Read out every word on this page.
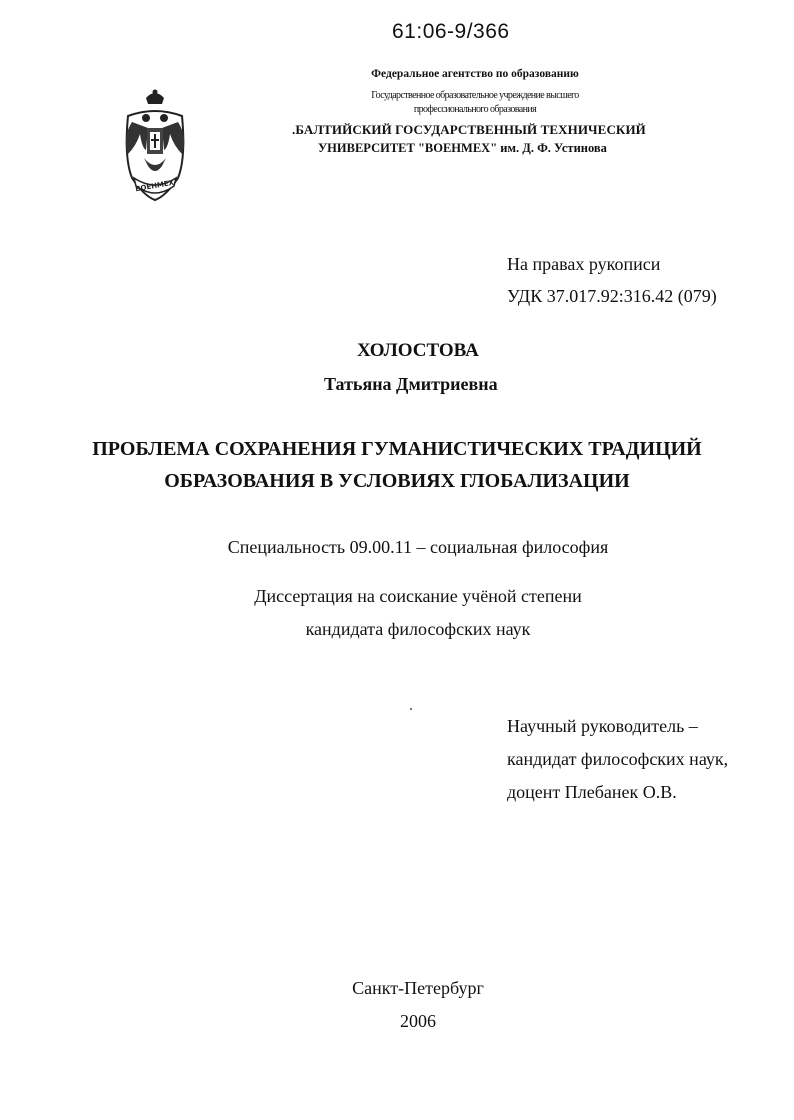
61:06-9/366
Федеральное агентство по образованию
Государственное образовательное учреждение высшего
профессионального образования
.БАЛТИЙСКИЙ ГОСУДАРСТВЕННЫЙ ТЕХНИЧЕСКИЙ
УНИВЕРСИТЕТ "ВОЕНМЕХ" им. Д. Ф. Устинова
ВОЕНМЕХ
На правах рукописи
УДК 37.017.92:316.42 (079)
ХОЛОСТОВА
Татьяна Дмитриевна
ПРОБЛЕМА СОХРАНЕНИЯ ГУМАНИСТИЧЕСКИХ ТРАДИЦИЙ
ОБРАЗОВАНИЯ В УСЛОВИЯХ ГЛОБАЛИЗАЦИИ
Специальность 09.00.11 – социальная философия
Диссертация на соискание учёной степени
кандидата философских наук
Научный руководитель –
кандидат философских наук,
доцент Плебанек О.В.
Санкт-Петербург
2006
